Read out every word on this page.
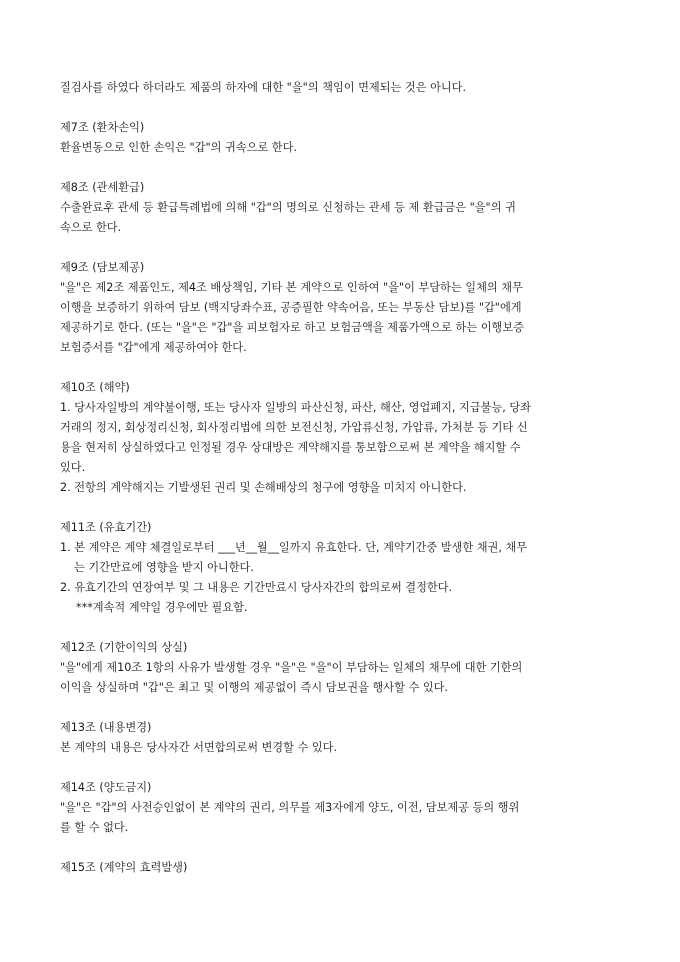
질검사를 하였다 하더라도 제품의 하자에 대한 "을"의 책임이 면제되는 것은 아니다.
제7조 (환차손익)
환율변동으로 인한 손익은 "갑"의 귀속으로 한다.
제8조 (관세환급)
수출완료후 관세 등 환급특례법에 의해 "갑"의 명의로 신청하는 관세 등 제 환급금은 "을"의 귀
속으로 한다.
제9조 (담보제공)
"을"은 제2조 제품인도, 제4조 배상책임, 기타 본 계약으로 인하여 "을"이 부담하는 일체의 채무
이행을 보증하기 위하여 담보 (백지당좌수표, 공증필한 약속어음, 또는 부동산 담보)를 "갑"에게
제공하기로 한다. (또는 "을"은 "갑"을 피보험자로 하고 보험금액을 제품가액으로 하는 이행보증
보험증서를 "갑"에게 제공하여야 한다.
제10조 (해약)
1. 당사자일방의 계약불이행, 또는 당사자 일방의 파산신청, 파산, 해산, 영업폐지, 지급불능, 당좌
거래의 정지, 회상정리신청, 회사정리법에 의한 보전신청, 가압류신청, 가압류, 가처분 등 기타 신
용을 현저히 상실하였다고 인정될 경우 상대방은 계약해지를 통보함으로써 본 계약을 해지할 수
있다.
2. 전항의 계약해지는 기발생된 권리 및 손해배상의 청구에 영향을 미치지 아니한다.
제11조 (유효기간)
1. 본 계약은 계약 체결일로부터 ___년__월__일까지 유효한다. 단, 계약기간중 발생한 채권, 채무
는 기간만료에 영향을 받지 아니한다.
2. 유효기간의 연장여부 및 그 내용은 기간만료시 당사자간의 합의로써 결정한다.
***계속적 계약일 경우에만 필요함.
제12조 (기한이익의 상실)
"을"에게 제10조 1항의 사유가 발생할 경우 "을"은 "을"이 부담하는 일체의 채무에 대한 기한의
이익을 상실하며 "갑"은 최고 및 이행의 제공없이 즉시 담보권을 행사할 수 있다.
제13조 (내용변경)
본 계약의 내용은 당사자간 서면합의로써 변경할 수 있다.
제14조 (양도금지)
"을"은 "갑"의 사전승인없이 본 계약의 권리, 의무를 제3자에게 양도, 이전, 담보제공 등의 행위
를 할 수 없다.
제15조 (계약의 효력발생)
